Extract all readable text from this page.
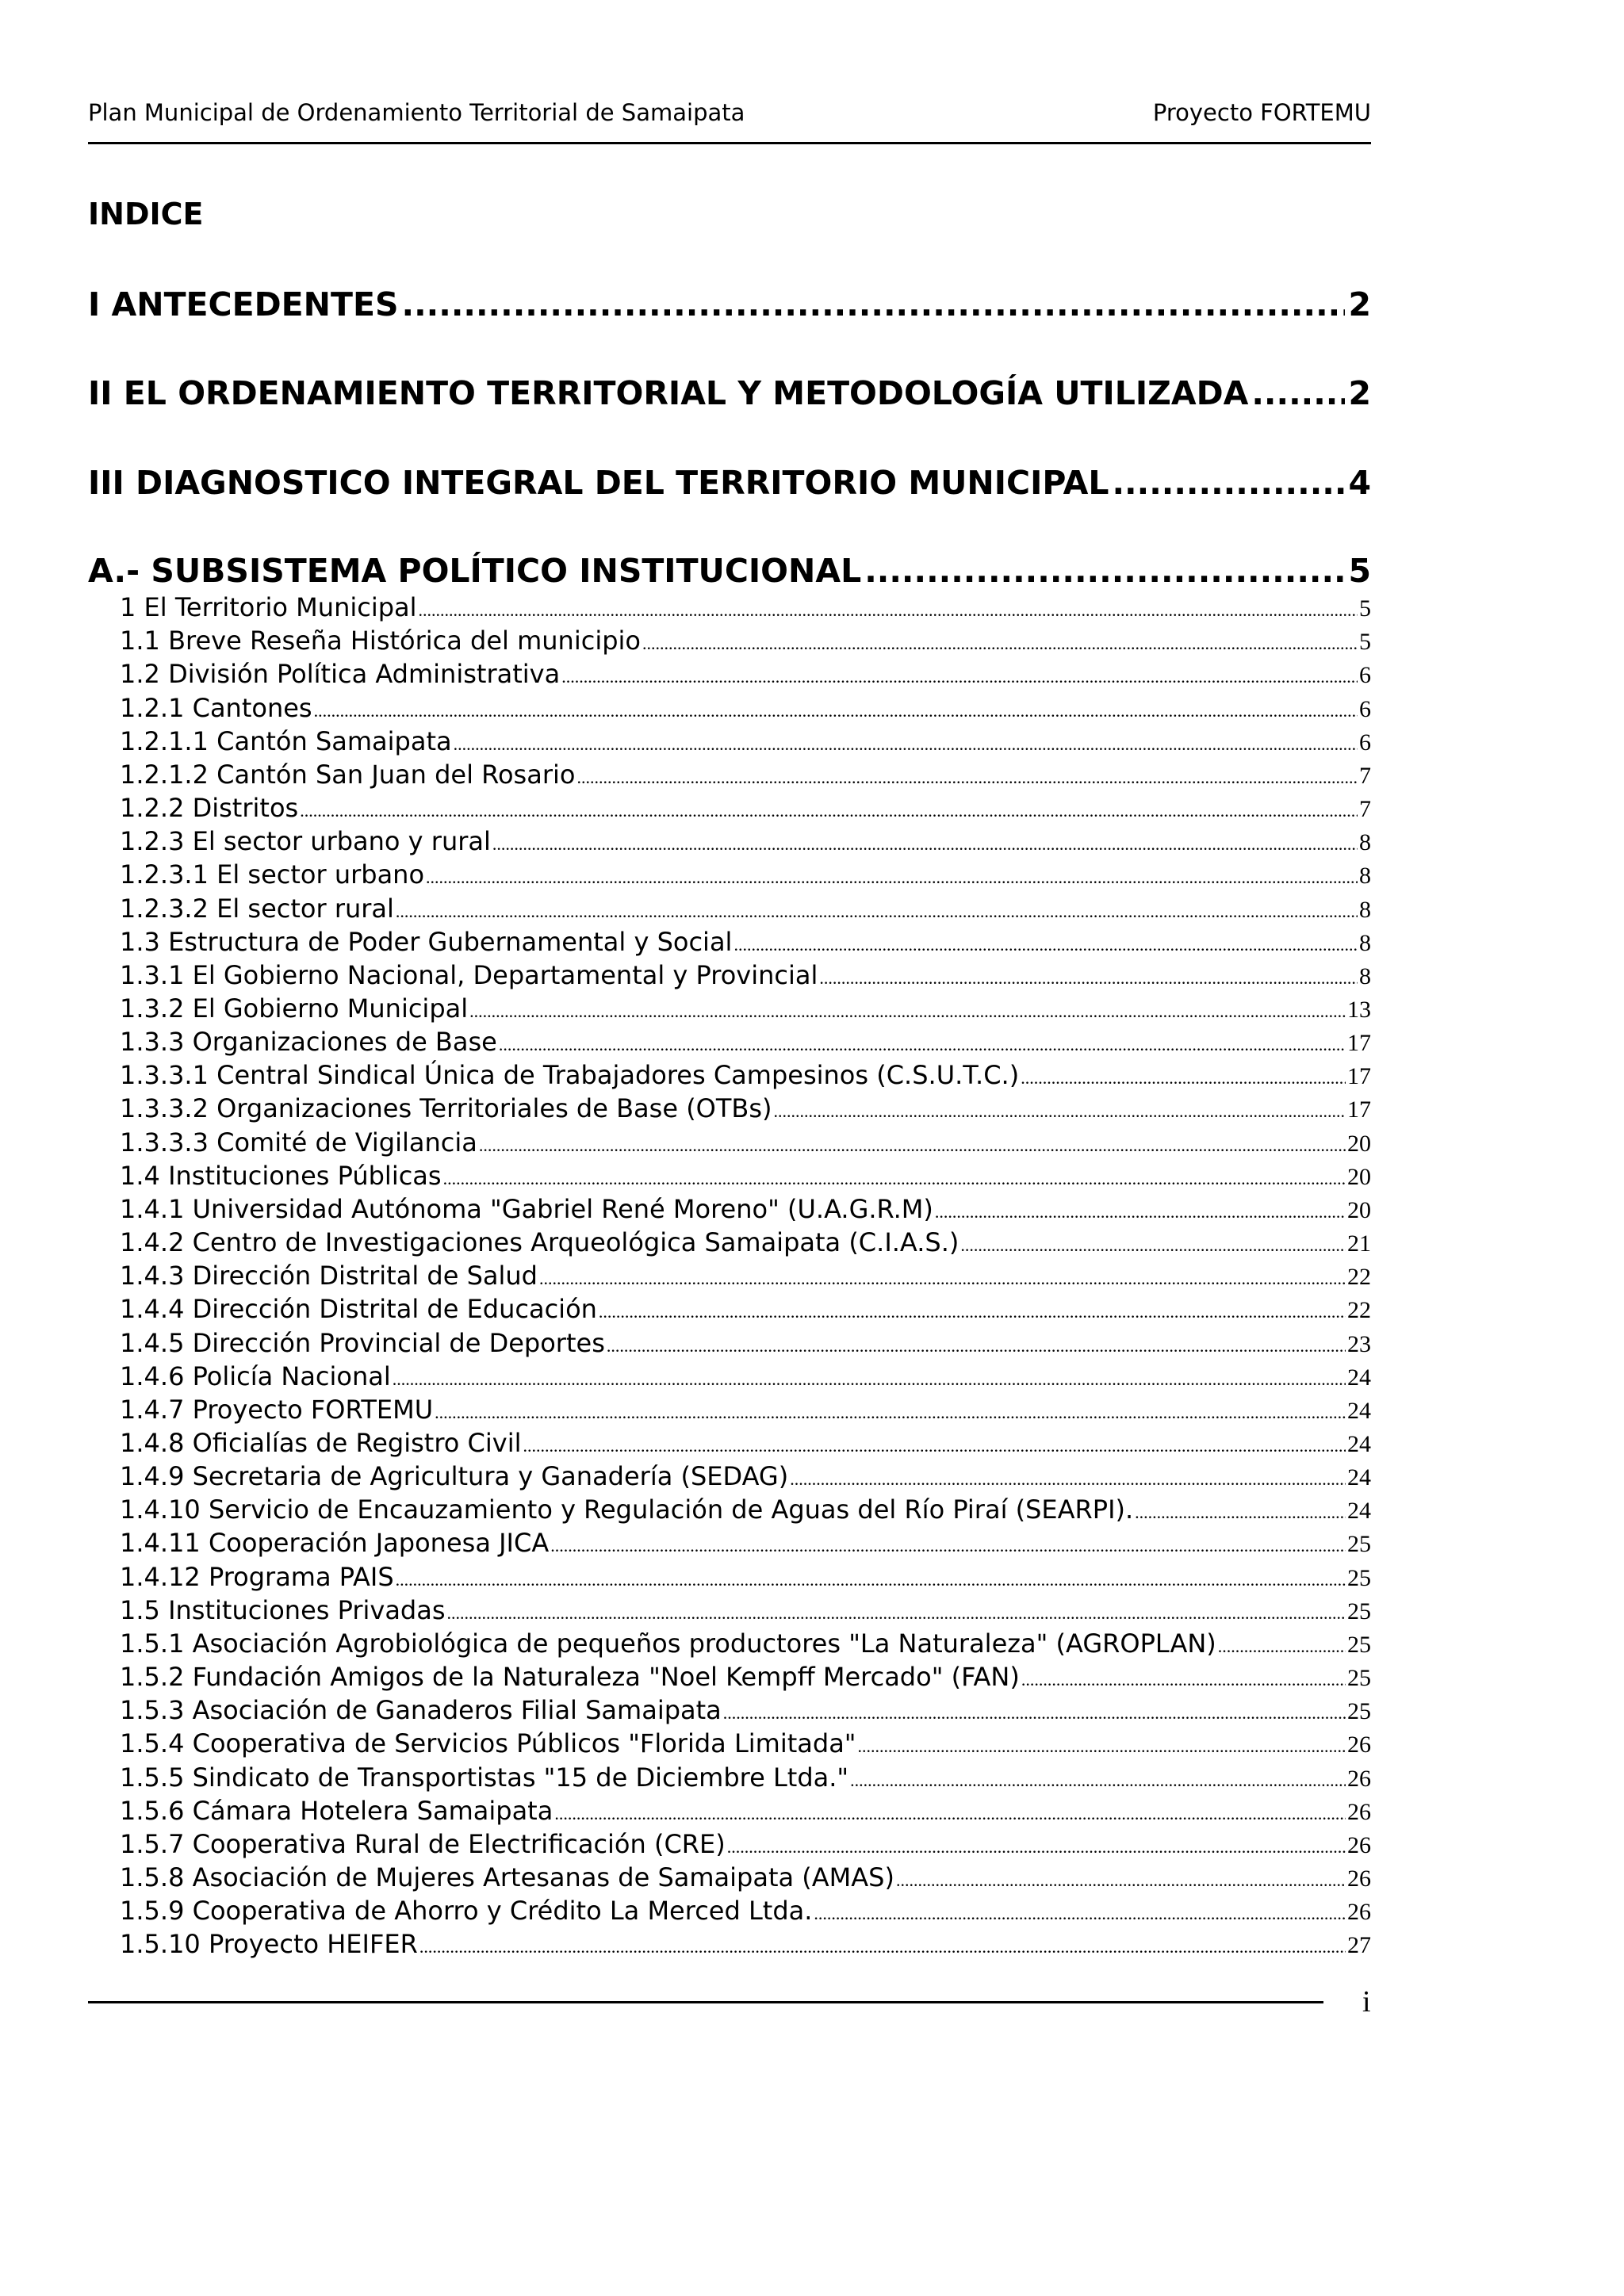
Plan Municipal de Ordenamiento Territorial de Samaipata	Proyecto FORTEMU
INDICE
I ANTECEDENTES .....	2
II EL ORDENAMIENTO TERRITORIAL Y METODOLOGÍA UTILIZADA .....	2
III DIAGNOSTICO INTEGRAL DEL TERRITORIO MUNICIPAL .....	4
A.- SUBSISTEMA POLÍTICO INSTITUCIONAL .....	5
1 El Territorio Municipal .....	5
1.1 Breve Reseña Histórica del municipio .....	5
1.2 División Política Administrativa .....	6
1.2.1 Cantones .....	6
1.2.1.1 Cantón Samaipata .....	6
1.2.1.2 Cantón San Juan del Rosario .....	7
1.2.2 Distritos .....	7
1.2.3 El sector urbano y rural .....	8
1.2.3.1 El sector urbano .....	8
1.2.3.2 El sector rural .....	8
1.3 Estructura de Poder Gubernamental y Social .....	8
1.3.1 El Gobierno Nacional, Departamental y Provincial .....	8
1.3.2 El Gobierno Municipal .....	13
1.3.3 Organizaciones de Base .....	17
1.3.3.1 Central Sindical Única de Trabajadores Campesinos (C.S.U.T.C.) .....	17
1.3.3.2 Organizaciones Territoriales de Base (OTBs) .....	17
1.3.3.3 Comité de Vigilancia .....	20
1.4 Instituciones Públicas .....	20
1.4.1 Universidad Autónoma "Gabriel René Moreno" (U.A.G.R.M) .....	20
1.4.2 Centro de Investigaciones Arqueológica Samaipata (C.I.A.S.) .....	21
1.4.3 Dirección Distrital de Salud .....	22
1.4.4 Dirección Distrital de Educación .....	22
1.4.5 Dirección Provincial de Deportes .....	23
1.4.6 Policía Nacional .....	24
1.4.7 Proyecto FORTEMU .....	24
1.4.8 Oficialías de Registro Civil .....	24
1.4.9 Secretaria de Agricultura y Ganadería (SEDAG) .....	24
1.4.10 Servicio de Encauzamiento y Regulación de Aguas del Río Piraí (SEARPI). .....	24
1.4.11 Cooperación Japonesa JICA .....	25
1.4.12 Programa PAIS .....	25
1.5 Instituciones Privadas .....	25
1.5.1 Asociación Agrobiológica de pequeños productores "La Naturaleza" (AGROPLAN) .....	25
1.5.2 Fundación Amigos de la Naturaleza "Noel Kempff Mercado" (FAN) .....	25
1.5.3 Asociación de Ganaderos Filial Samaipata .....	25
1.5.4 Cooperativa de Servicios Públicos "Florida Limitada" .....	26
1.5.5 Sindicato de Transportistas "15 de Diciembre Ltda." .....	26
1.5.6 Cámara Hotelera Samaipata .....	26
1.5.7 Cooperativa Rural de Electrificación (CRE) .....	26
1.5.8 Asociación de Mujeres Artesanas de Samaipata (AMAS) .....	26
1.5.9 Cooperativa de Ahorro y Crédito La Merced Ltda. .....	26
1.5.10 Proyecto HEIFER .....	27
i
